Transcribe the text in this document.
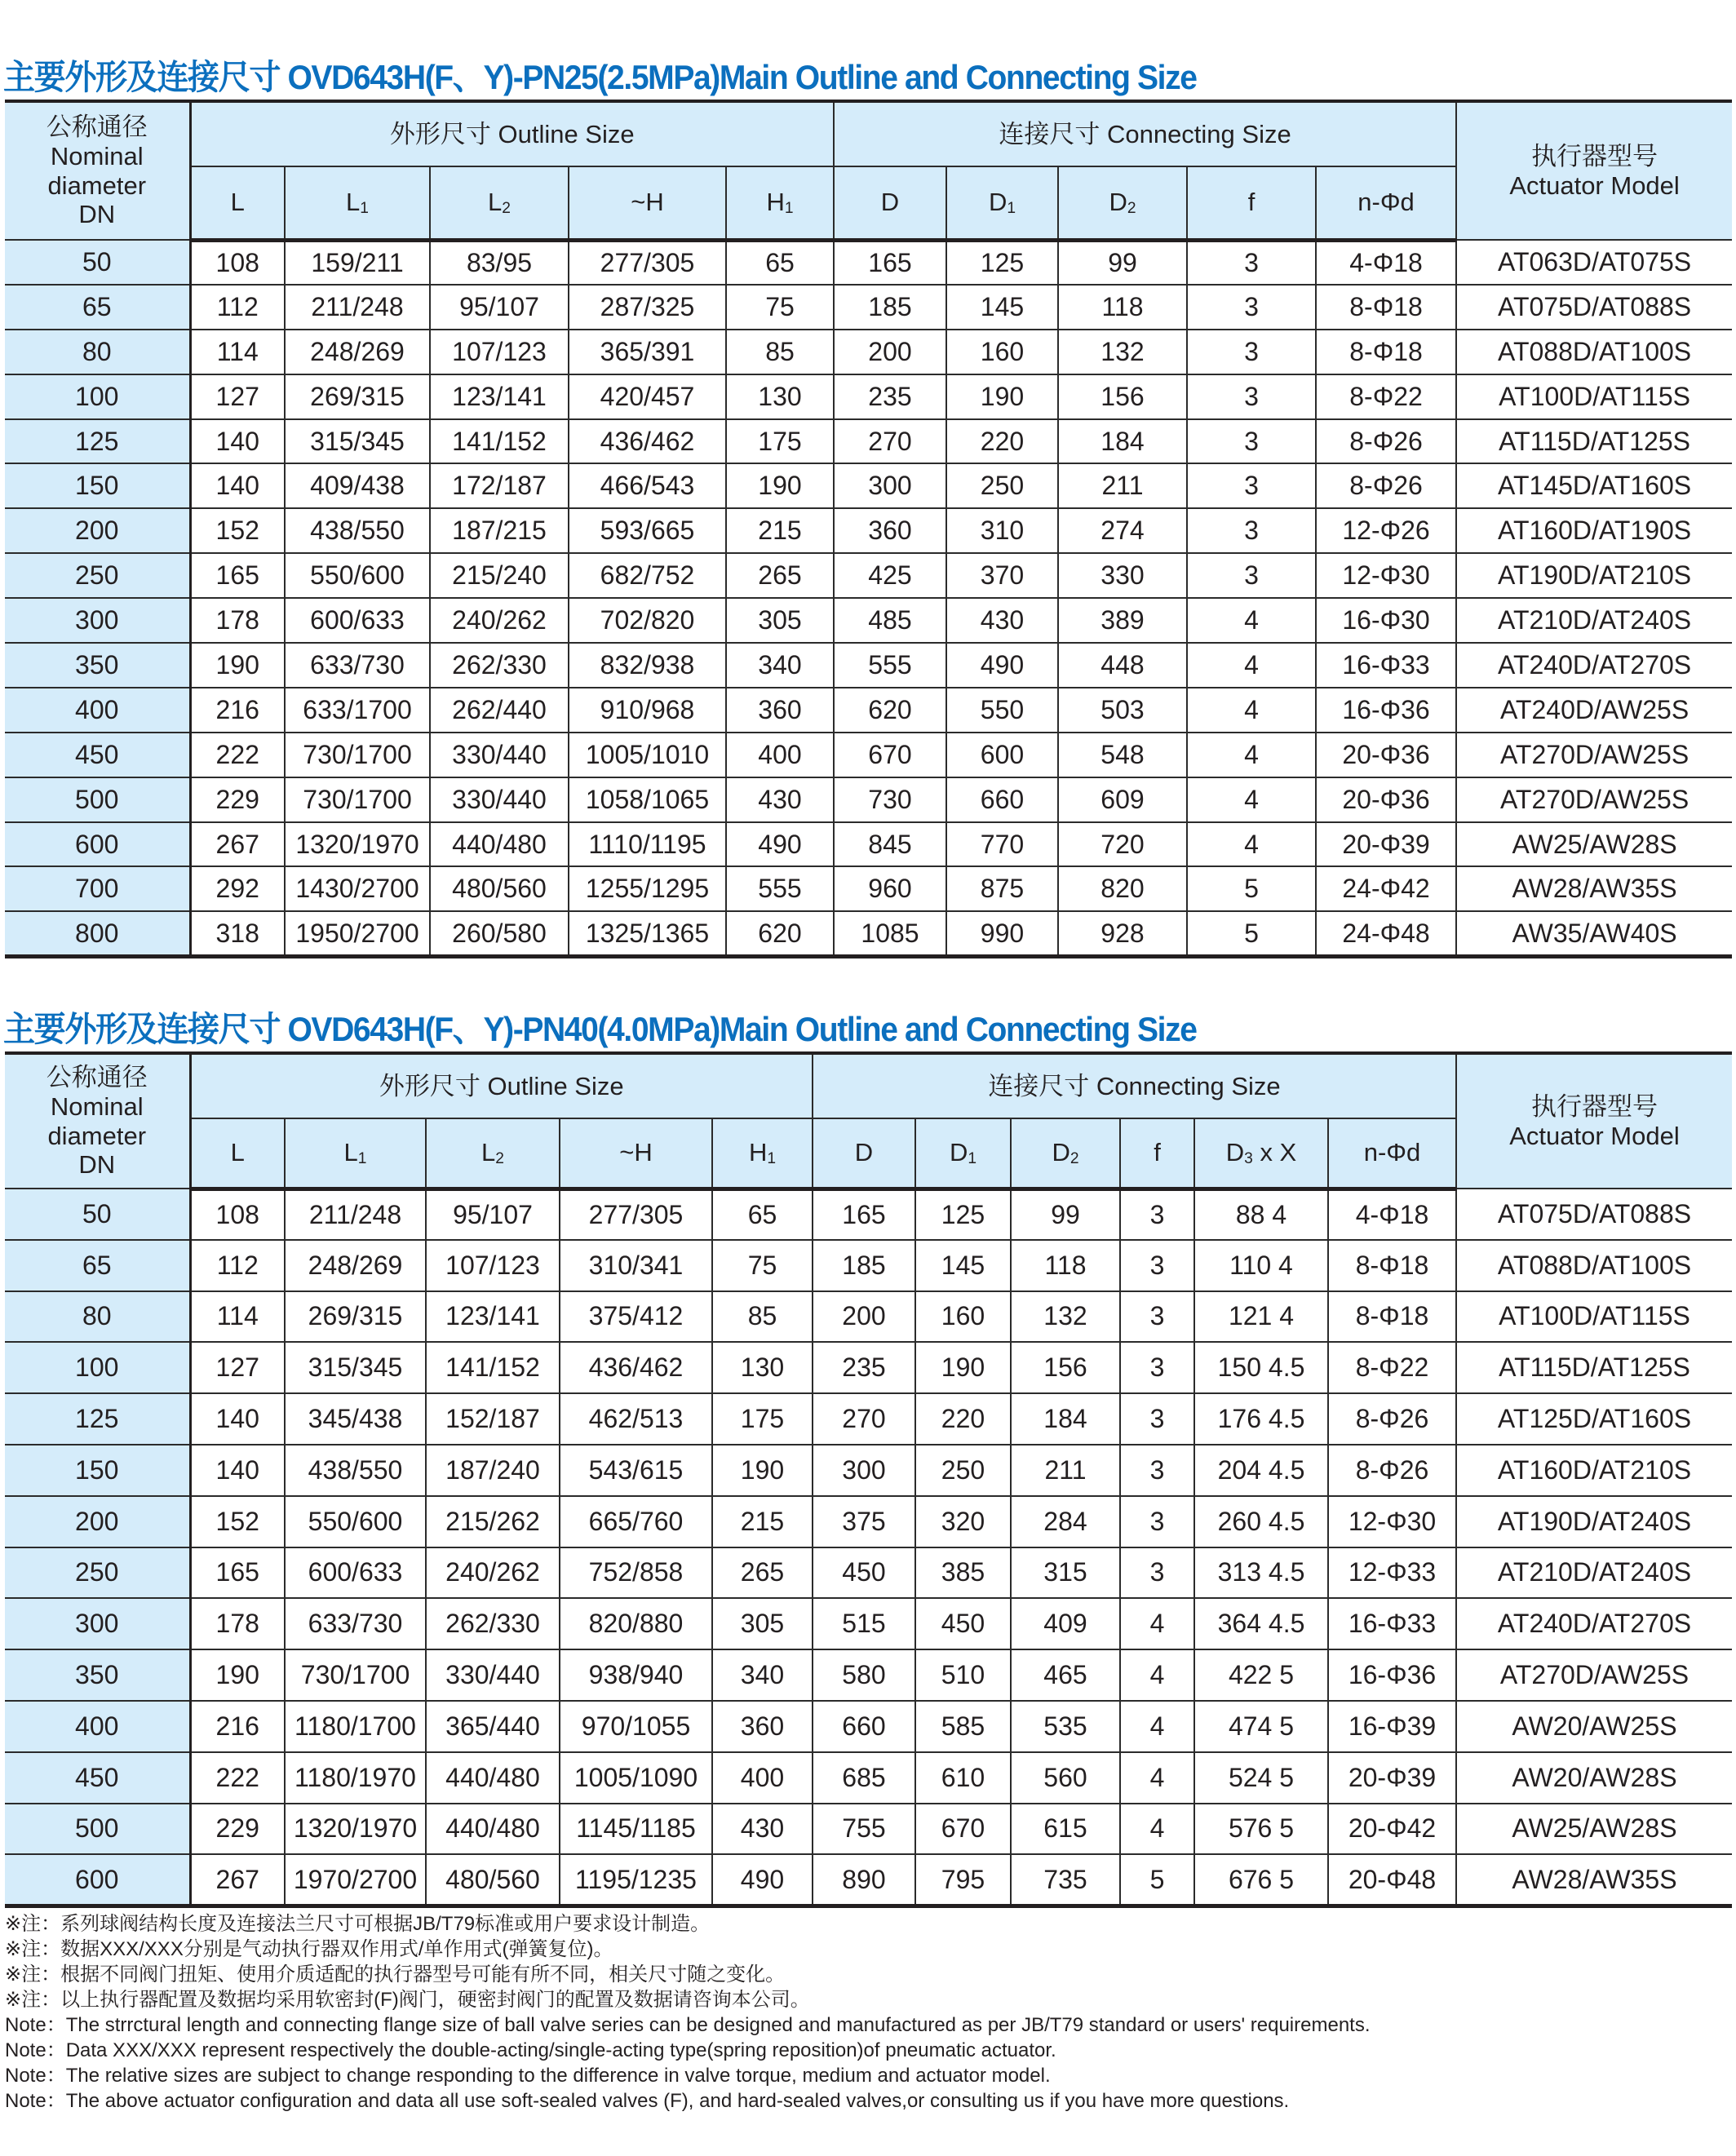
主要外形及连接尺寸 OVD643H(F、Y)-PN25(2.5MPa)Main Outline and Connecting Size
公称通径
Nominal
diameter
DN
	外形尺寸 Outline Size	连接尺寸 Connecting Size	
执行器型号
Actuator Model

	L	L1	L2	~H	H1	D	D1	D2	f	n-Φd	
50	108	159/211	83/95	277/305	65	165	125	99	3	4-Φ18	AT063D/AT075S
65	112	211/248	95/107	287/325	75	185	145	118	3	8-Φ18	AT075D/AT088S
80	114	248/269	107/123	365/391	85	200	160	132	3	8-Φ18	AT088D/AT100S
100	127	269/315	123/141	420/457	130	235	190	156	3	8-Φ22	AT100D/AT115S
125	140	315/345	141/152	436/462	175	270	220	184	3	8-Φ26	AT115D/AT125S
150	140	409/438	172/187	466/543	190	300	250	211	3	8-Φ26	AT145D/AT160S
200	152	438/550	187/215	593/665	215	360	310	274	3	12-Φ26	AT160D/AT190S
250	165	550/600	215/240	682/752	265	425	370	330	3	12-Φ30	AT190D/AT210S
300	178	600/633	240/262	702/820	305	485	430	389	4	16-Φ30	AT210D/AT240S
350	190	633/730	262/330	832/938	340	555	490	448	4	16-Φ33	AT240D/AT270S
400	216	633/1700	262/440	910/968	360	620	550	503	4	16-Φ36	AT240D/AW25S
450	222	730/1700	330/440	1005/1010	400	670	600	548	4	20-Φ36	AT270D/AW25S
500	229	730/1700	330/440	1058/1065	430	730	660	609	4	20-Φ36	AT270D/AW25S
600	267	1320/1970	440/480	1110/1195	490	845	770	720	4	20-Φ39	AW25/AW28S
700	292	1430/2700	480/560	1255/1295	555	960	875	820	5	24-Φ42	AW28/AW35S
800	318	1950/2700	260/580	1325/1365	620	1085	990	928	5	24-Φ48	AW35/AW40S
主要外形及连接尺寸 OVD643H(F、Y)-PN40(4.0MPa)Main Outline and Connecting Size
公称通径
Nominal
diameter
DN
	外形尺寸 Outline Size	连接尺寸 Connecting Size	
执行器型号
Actuator Model

	L	L1	L2	~H	H1	D	D1	D2	f	D3 x X	n-Φd	
50	108	211/248	95/107	277/305	65	165	125	99	3	88 4	4-Φ18	AT075D/AT088S
65	112	248/269	107/123	310/341	75	185	145	118	3	110 4	8-Φ18	AT088D/AT100S
80	114	269/315	123/141	375/412	85	200	160	132	3	121 4	8-Φ18	AT100D/AT115S
100	127	315/345	141/152	436/462	130	235	190	156	3	150 4.5	8-Φ22	AT115D/AT125S
125	140	345/438	152/187	462/513	175	270	220	184	3	176 4.5	8-Φ26	AT125D/AT160S
150	140	438/550	187/240	543/615	190	300	250	211	3	204 4.5	8-Φ26	AT160D/AT210S
200	152	550/600	215/262	665/760	215	375	320	284	3	260 4.5	12-Φ30	AT190D/AT240S
250	165	600/633	240/262	752/858	265	450	385	315	3	313 4.5	12-Φ33	AT210D/AT240S
300	178	633/730	262/330	820/880	305	515	450	409	4	364 4.5	16-Φ33	AT240D/AT270S
350	190	730/1700	330/440	938/940	340	580	510	465	4	422 5	16-Φ36	AT270D/AW25S
400	216	1180/1700	365/440	970/1055	360	660	585	535	4	474 5	16-Φ39	AW20/AW25S
450	222	1180/1970	440/480	1005/1090	400	685	610	560	4	524 5	20-Φ39	AW20/AW28S
500	229	1320/1970	440/480	1145/1185	430	755	670	615	4	576 5	20-Φ42	AW25/AW28S
600	267	1970/2700	480/560	1195/1235	490	890	795	735	5	676 5	20-Φ48	AW28/AW35S
※注：系列球阀结构长度及连接法兰尺寸可根据JB/T79标准或用户要求设计制造。
※注：数据XXX/XXX分别是气动执行器双作用式/单作用式(弹簧复位)。
※注：根据不同阀门扭矩、使用介质适配的执行器型号可能有所不同，相关尺寸随之变化。
※注：以上执行器配置及数据均采用软密封(F)阀门，硬密封阀门的配置及数据请咨询本公司。
Note：The strrctural length and connecting flange size of ball valve series can be designed and manufactured as per JB/T79 standard or users' requirements.
Note：Data XXX/XXX represent respectively the double-acting/single-acting type(spring reposition)of pneumatic actuator.
Note：The relative sizes are subject to change responding to the difference in valve torque, medium and actuator model.
Note：The above actuator configuration and data all use soft-sealed valves (F), and hard-sealed valves,or consulting us if you have more questions.
